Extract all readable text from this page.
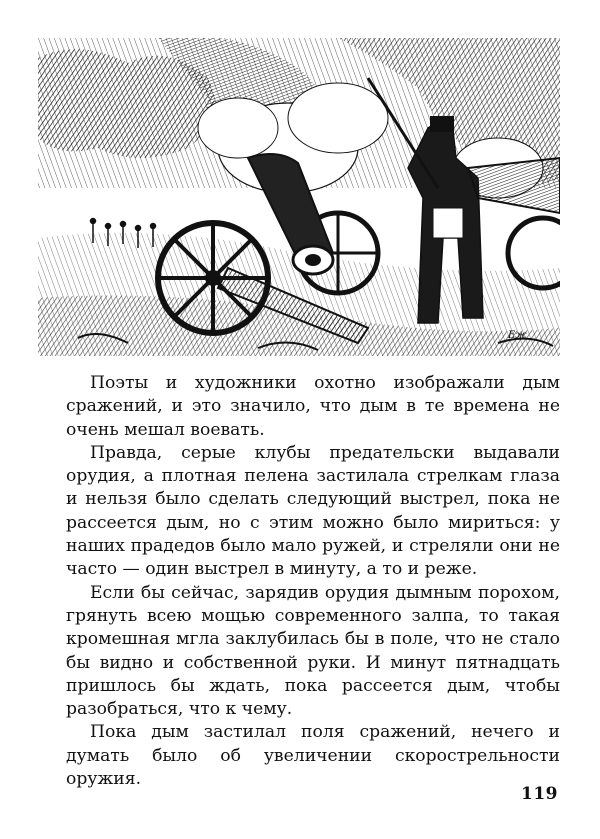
Еж

Поэты и художники охотно изображали дым сражений, и это значило, что дым в те времена не очень мешал воевать.

Правда, серые клубы предательски выдавали орудия, а плотная пелена застилала стрелкам глаза и нельзя было сделать следующий выстрел, пока не рассеется дым, но с этим можно было мириться: у наших прадедов было мало ружей, и стреляли они не часто — один выстрел в минуту, а то и реже.

Если бы сейчас, зарядив орудия дымным порохом, грянуть всею мощью современного залпа, то такая кромешная мгла заклубилась бы в поле, что не стало бы видно и собственной руки. И минут пятнадцать пришлось бы ждать, пока рассеется дым, чтобы разобраться, что к чему.

Пока дым застилал поля сражений, нечего и думать было об увеличении скорострельности оружия.

119
